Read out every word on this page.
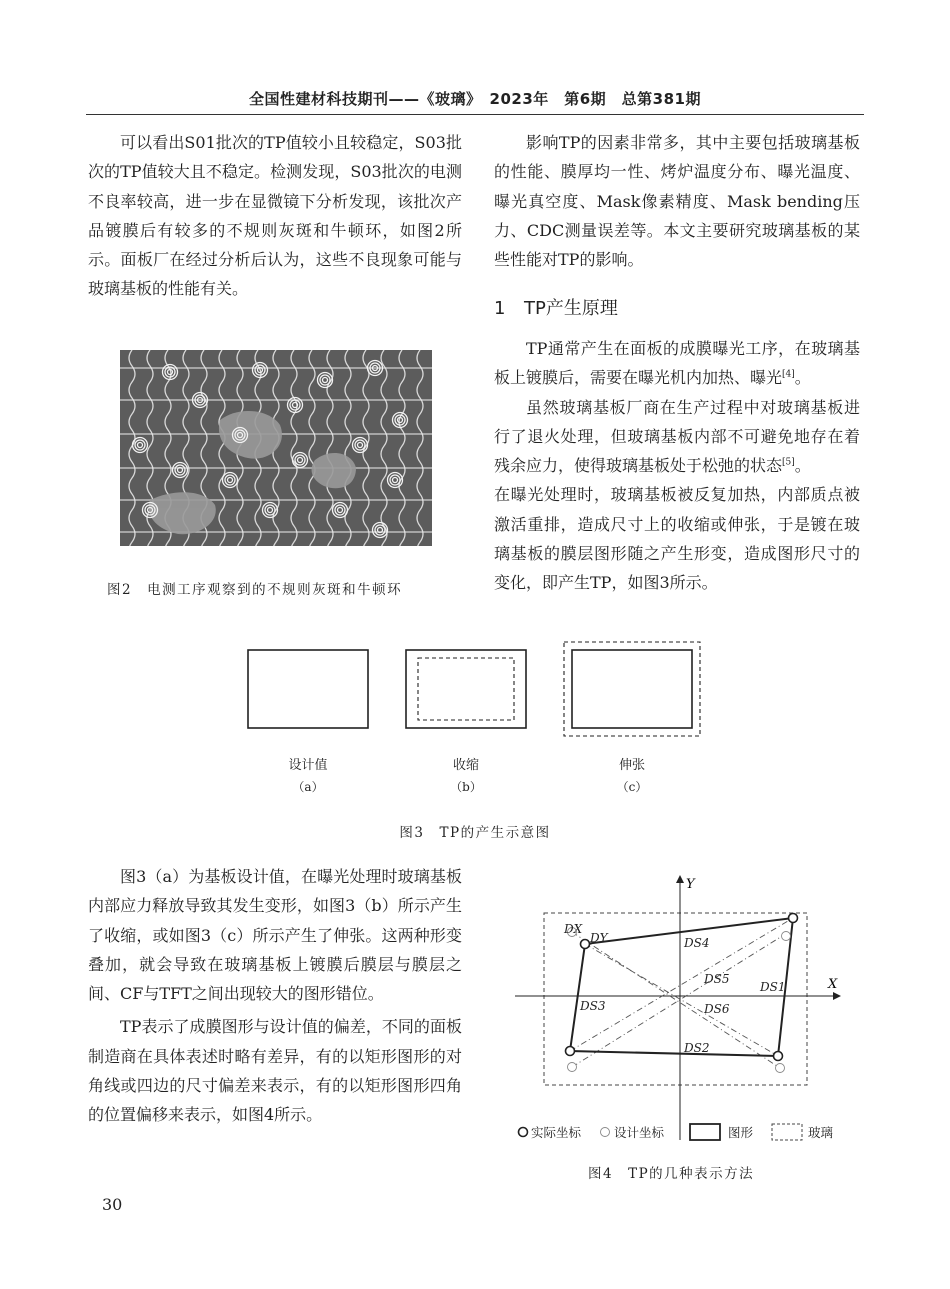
全国性建材科技期刊——《玻璃》　2023年　第6期　总第381期

可以看出S01批次的TP值较小且较稳定，S03批次的TP值较大且不稳定。检测发现，S03批次的电测不良率较高，进一步在显微镜下分析发现，该批次产品镀膜后有较多的不规则灰斑和牛顿环，如图2所示。面板厂在经过分析后认为，这些不良现象可能与玻璃基板的性能有关。

图2　电测工序观察到的不规则灰斑和牛顿环

影响TP的因素非常多，其中主要包括玻璃基板的性能、膜厚均一性、烤炉温度分布、曝光温度、曝光真空度、Mask像素精度、Mask bending压力、CDC测量误差等。本文主要研究玻璃基板的某些性能对TP的影响。

1 TP产生原理

TP通常产生在面板的成膜曝光工序，在玻璃基板上镀膜后，需要在曝光机内加热、曝光[4]。

虽然玻璃基板厂商在生产过程中对玻璃基板进行了退火处理，但玻璃基板内部不可避免地存在着残余应力，使得玻璃基板处于松弛的状态[5]。

在曝光处理时，玻璃基板被反复加热，内部质点被激活重排，造成尺寸上的收缩或伸张，于是镀在玻璃基板的膜层图形随之产生形变，造成图形尺寸的变化，即产生TP，如图3所示。

设计值	收缩	伸张
（a）	（b）	（c）
图3　TP的产生示意图

图3（a）为基板设计值，在曝光处理时玻璃基板内部应力释放导致其发生变形，如图3（b）所示产生了收缩，或如图3（c）所示产生了伸张。这两种形变叠加，就会导致在玻璃基板上镀膜后膜层与膜层之间、CF与TFT之间出现较大的图形错位。

TP表示了成膜图形与设计值的偏差，不同的面板制造商在具体表述时略有差异，有的以矩形图形的对角线或四边的尺寸偏差来表示，有的以矩形图形四角的位置偏移来表示，如图4所示。

X
Y
DX
DY	DS4
DS5
DS1
DS3	DS6
DS2
实际坐标	设计坐标	图形	玻璃
图4　TP的几种表示方法
30
